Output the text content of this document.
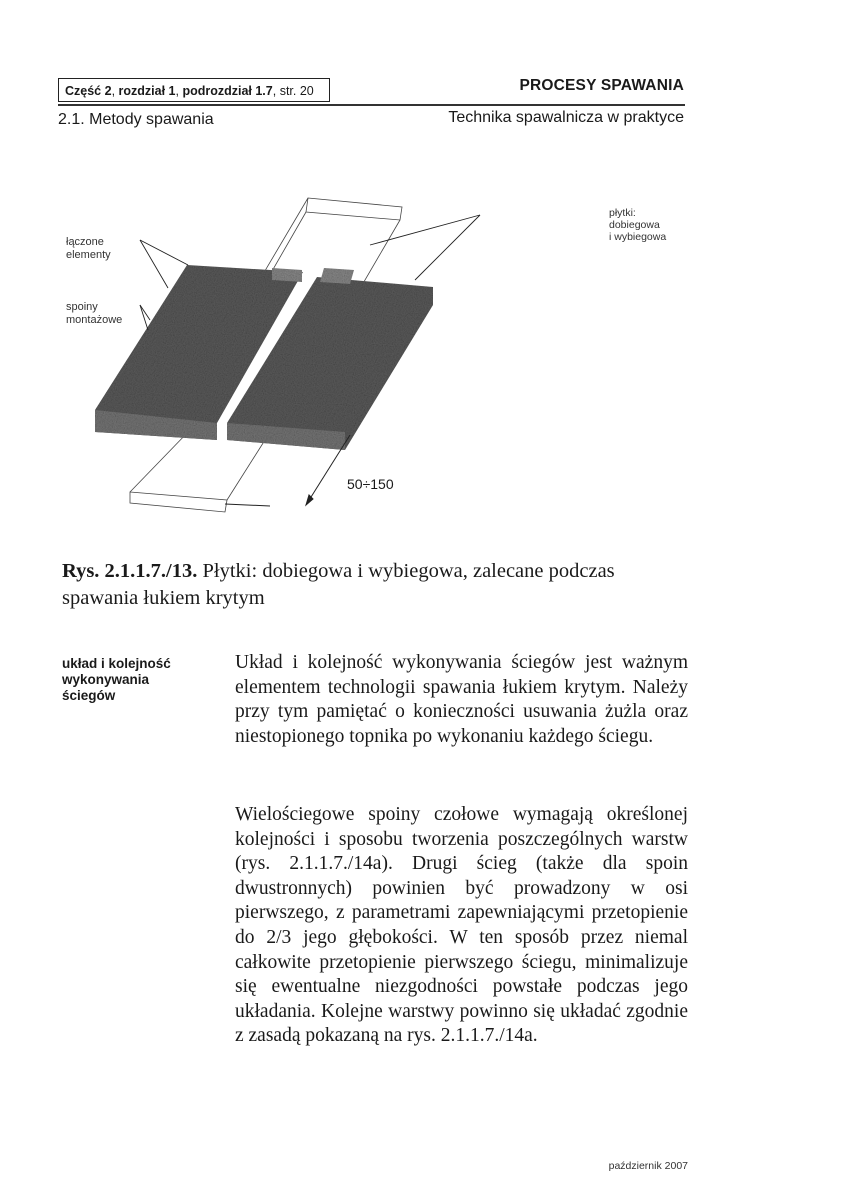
Część 2, rozdział 1, podrozdział 1.7, str. 20	PROCESY SPAWANIA
2.1. Metody spawania	Technika spawalnicza w praktyce
łączone
elementy
spoiny
montażowe
płytki:
dobiegowa
i wybiegowa
50÷150
Rys. 2.1.1.7./13. Płytki: dobiegowa i wybiegowa, zalecane podczas spawania łukiem krytym
układ i kolejność
wykonywania
ściegów
Układ i kolejność wykonywania ściegów jest ważnym elementem technologii spawania łukiem krytym. Należy przy tym pamiętać o konieczności usuwania żużla oraz niestopionego topnika po wykonaniu każdego ściegu.
Wielościegowe spoiny czołowe wymagają określonej kolejności i sposobu tworzenia poszczególnych warstw (rys. 2.1.1.7./14a). Drugi ścieg (także dla spoin dwustronnych) powinien być prowadzony w osi pierwszego, z parametrami zapewniającymi przetopienie do 2/3 jego głębokości. W ten sposób przez niemal całkowite przetopienie pierwszego ściegu, minimalizuje się ewentualne niezgodności powstałe podczas jego układania. Kolejne warstwy powinno się układać zgodnie z zasadą pokazaną na rys. 2.1.1.7./14a.
październik 2007
